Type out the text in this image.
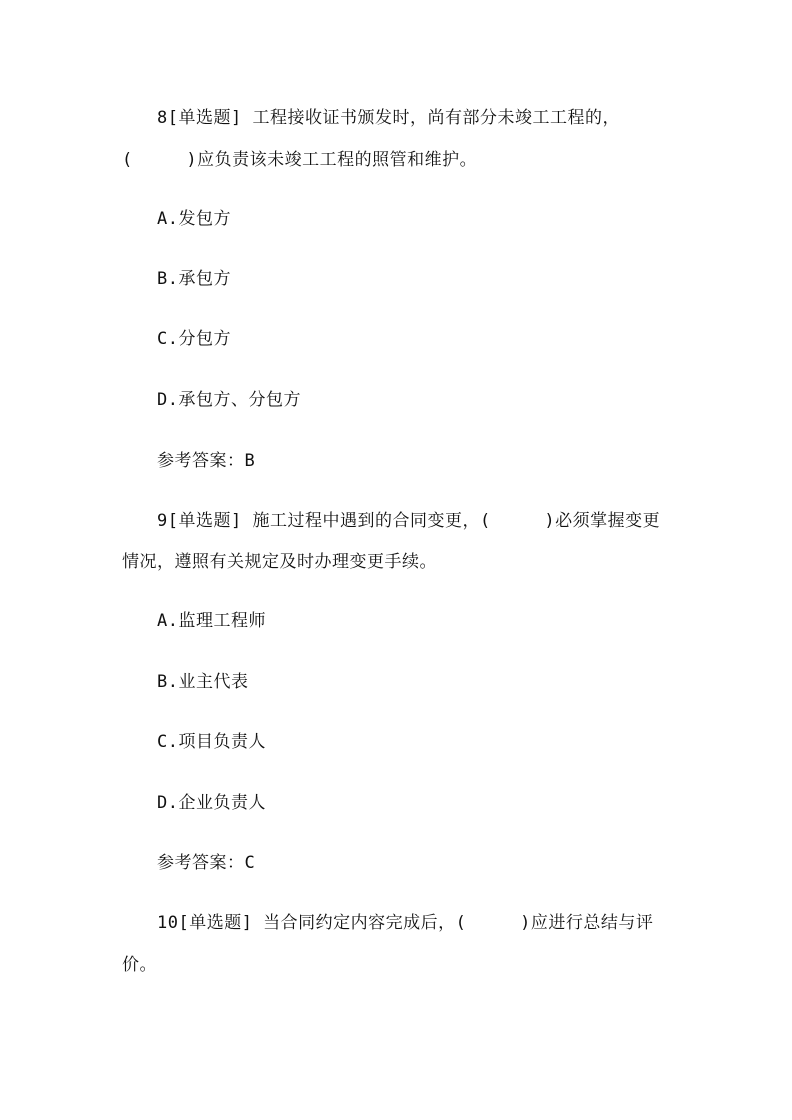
8[单选题] 工程接收证书颁发时，尚有部分未竣工工程的，
(     )应负责该未竣工工程的照管和维护。
A.发包方
B.承包方
C.分包方
D.承包方、分包方
参考答案：B
9[单选题] 施工过程中遇到的合同变更，(     )必须掌握变更
情况，遵照有关规定及时办理变更手续。
A.监理工程师
B.业主代表
C.项目负责人
D.企业负责人
参考答案：C
10[单选题] 当合同约定内容完成后，(     )应进行总结与评
价。
